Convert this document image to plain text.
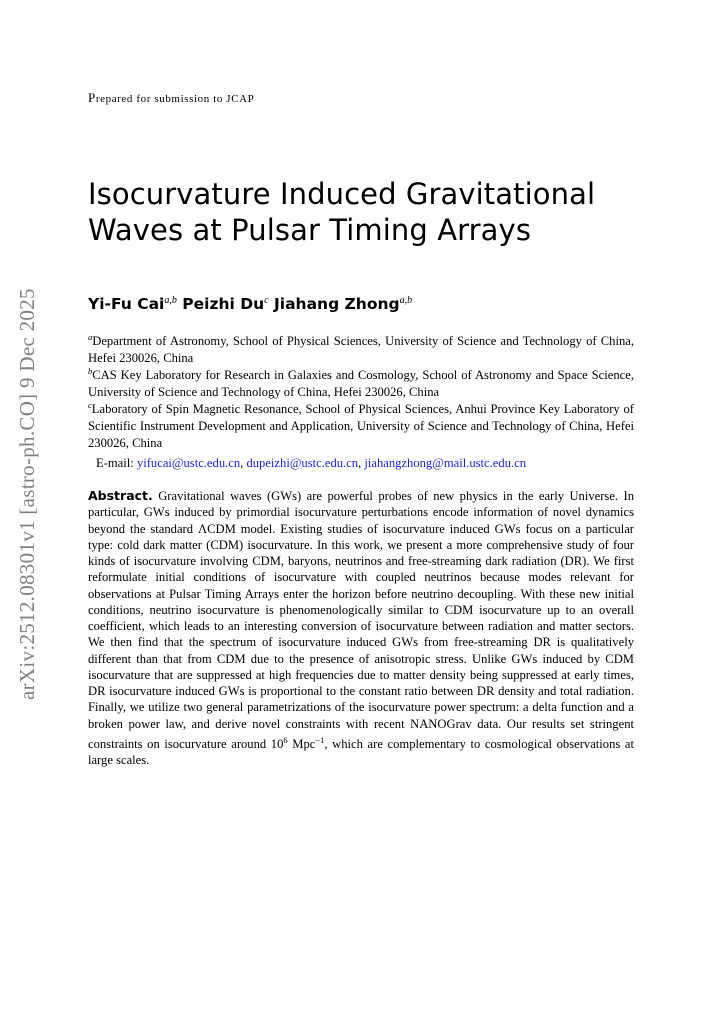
arXiv:2512.08301v1 [astro-ph.CO] 9 Dec 2025
Prepared for submission to JCAP
Isocurvature Induced Gravitational Waves at Pulsar Timing Arrays
Yi-Fu Cai$^{a,b}$ Peizhi Du$^c$ Jiahang Zhong$^{a,b}$
$^a$Department of Astronomy, School of Physical Sciences, University of Science and Technology of China, Hefei 230026, China
$^b$CAS Key Laboratory for Research in Galaxies and Cosmology, School of Astronomy and Space Science, University of Science and Technology of China, Hefei 230026, China
$^c$Laboratory of Spin Magnetic Resonance, School of Physical Sciences, Anhui Province Key Laboratory of Scientific Instrument Development and Application, University of Science and Technology of China, Hefei 230026, China
E-mail: yifucai@ustc.edu.cn, dupeizhi@ustc.edu.cn, jiahangzhong@mail.ustc.edu.cn

Abstract. Gravitational waves (GWs) are powerful probes of new physics in the early Universe. In particular, GWs induced by primordial isocurvature perturbations encode information of novel dynamics beyond the standard ΛCDM model. Existing studies of isocurvature induced GWs focus on a particular type: cold dark matter (CDM) isocurvature. In this work, we present a more comprehensive study of four kinds of isocurvature involving CDM, baryons, neutrinos and free-streaming dark radiation (DR). We first reformulate initial conditions of isocurvature with coupled neutrinos because modes relevant for observations at Pulsar Timing Arrays enter the horizon before neutrino decoupling. With these new initial conditions, neutrino isocurvature is phenomenologically similar to CDM isocurvature up to an overall coefficient, which leads to an interesting conversion of isocurvature between radiation and matter sectors. We then find that the spectrum of isocurvature induced GWs from free-streaming DR is qualitatively different than that from CDM due to the presence of anisotropic stress. Unlike GWs induced by CDM isocurvature that are suppressed at high frequencies due to matter density being suppressed at early times, DR isocurvature induced GWs is proportional to the constant ratio between DR density and total radiation. Finally, we utilize two general parametrizations of the isocurvature power spectrum: a delta function and a broken power law, and derive novel constraints with recent NANOGrav data. Our results set stringent constraints on isocurvature around $10^6$ Mpc$^{-1}$, which are complementary to cosmological observations at large scales.
